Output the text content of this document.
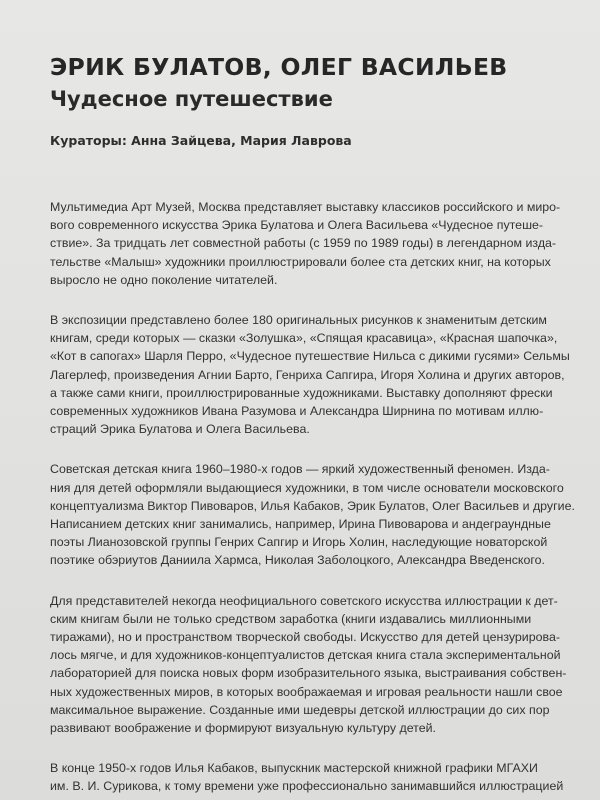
ЭРИК БУЛАТОВ, ОЛЕГ ВАСИЛЬЕВ
Чудесное путешествие

Кураторы: Анна Зайцева, Мария Лаврова

Мультимедиа Арт Музей, Москва представляет выставку классиков российского и миро-
вого современного искусства Эрика Булатова и Олега Васильева «Чудесное путеше-
ствие». За тридцать лет совместной работы (с 1959 по 1989 годы) в легендарном изда-
тельстве «Малыш» художники проиллюстрировали более ста детских книг, на которых
выросло не одно поколение читателей.

В экспозиции представлено более 180 оригинальных рисунков к знаменитым детским
книгам, среди которых — сказки «Золушка», «Спящая красавица», «Красная шапочка»,
«Кот в сапогах» Шарля Перро, «Чудесное путешествие Нильса с дикими гусями» Сельмы
Лагерлеф, произведения Агнии Барто, Генриха Сапгира, Игоря Холина и других авторов,
а также сами книги, проиллюстрированные художниками. Выставку дополняют фрески
современных художников Ивана Разумова и Александра Ширнина по мотивам иллю-
страций Эрика Булатова и Олега Васильева.

Советская детская книга 1960–1980-х годов — яркий художественный феномен. Изда-
ния для детей оформляли выдающиеся художники, в том числе основатели московского
концептуализма Виктор Пивоваров, Илья Кабаков, Эрик Булатов, Олег Васильев и другие.
Написанием детских книг занимались, например, Ирина Пивоварова и андеграундные
поэты Лианозовской группы Генрих Сапгир и Игорь Холин, наследующие новаторской
поэтике обэриутов Даниила Хармса, Николая Заболоцкого, Александра Введенского.

Для представителей некогда неофициального советского искусства иллюстрации к дет-
ским книгам были не только средством заработка (книги издавались миллионными
тиражами), но и пространством творческой свободы. Искусство для детей цензурирова-
лось мягче, и для художников-концептуалистов детская книга стала экспериментальной
лабораторией для поиска новых форм изобразительного языка, выстраивания собствен-
ных художественных миров, в которых воображаемая и игровая реальности нашли свое
максимальное выражение. Созданные ими шедевры детской иллюстрации до сих пор
развивают воображение и формируют визуальную культуру детей.

В конце 1950-х годов Илья Кабаков, выпускник мастерской книжной графики МГАХИ
им. В. И. Сурикова, к тому времени уже профессионально занимавшийся иллюстрацией
